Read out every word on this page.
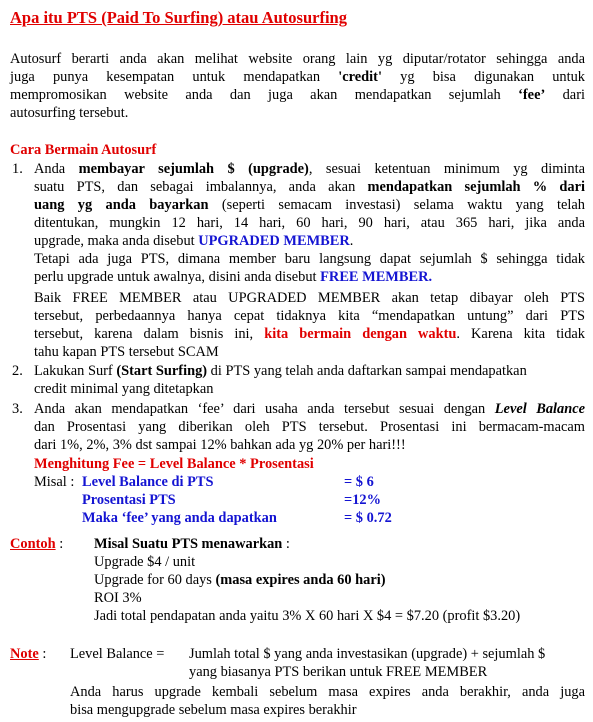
Apa itu PTS (Paid To Surfing) atau Autosurfing
Autosurf berarti anda akan melihat website orang lain yg diputar/rotator sehingga anda
juga punya kesempatan untuk mendapatkan 'credit' yg bisa digunakan untuk
mempromosikan website anda dan juga akan mendapatkan sejumlah ‘fee’ dari
autosurfing tersebut.
Cara Bermain Autosurf
1. Anda membayar sejumlah $ (upgrade), sesuai ketentuan minimum yg diminta
suatu PTS, dan sebagai imbalannya, anda akan mendapatkan sejumlah % dari
uang yg anda bayarkan (seperti semacam investasi) selama waktu yang telah
ditentukan, mungkin 12 hari, 14 hari, 60 hari, 90 hari, atau 365 hari, jika anda
upgrade, maka anda disebut UPGRADED MEMBER.
Tetapi ada juga PTS, dimana member baru langsung dapat sejumlah $ sehingga tidak
perlu upgrade untuk awalnya, disini anda disebut FREE MEMBER.
Baik FREE MEMBER atau UPGRADED MEMBER akan tetap dibayar oleh PTS
tersebut, perbedaannya hanya cepat tidaknya kita “mendapatkan untung” dari PTS
tersebut, karena dalam bisnis ini, kita bermain dengan waktu. Karena kita tidak
tahu kapan PTS tersebut SCAM
2. Lakukan Surf (Start Surfing) di PTS yang telah anda daftarkan sampai mendapatkan
credit minimal yang ditetapkan
3. Anda akan mendapatkan ‘fee’ dari usaha anda tersebut sesuai dengan Level Balance
dan Prosentasi yang diberikan oleh PTS tersebut. Prosentasi ini bermacam-macam
dari 1%, 2%, 3% dst sampai 12% bahkan ada yg 20% per hari!!!
Menghitung Fee = Level Balance * Prosentasi
Misal : Level Balance di PTS	= $ 6
Prosentasi PTS	=12%
Maka ‘fee’ yang anda dapatkan	= $ 0.72
Contoh : Misal Suatu PTS menawarkan :
Upgrade $4 / unit
Upgrade for 60 days (masa expires anda 60 hari)
ROI 3%
Jadi total pendapatan anda yaitu 3% X 60 hari X $4 = $7.20 (profit $3.20)
Note : Level Balance = Jumlah total $ yang anda investasikan (upgrade) + sejumlah $
yang biasanya PTS berikan untuk FREE MEMBER
Anda harus upgrade kembali sebelum masa expires anda berakhir, anda juga
bisa mengupgrade sebelum masa expires berakhir
